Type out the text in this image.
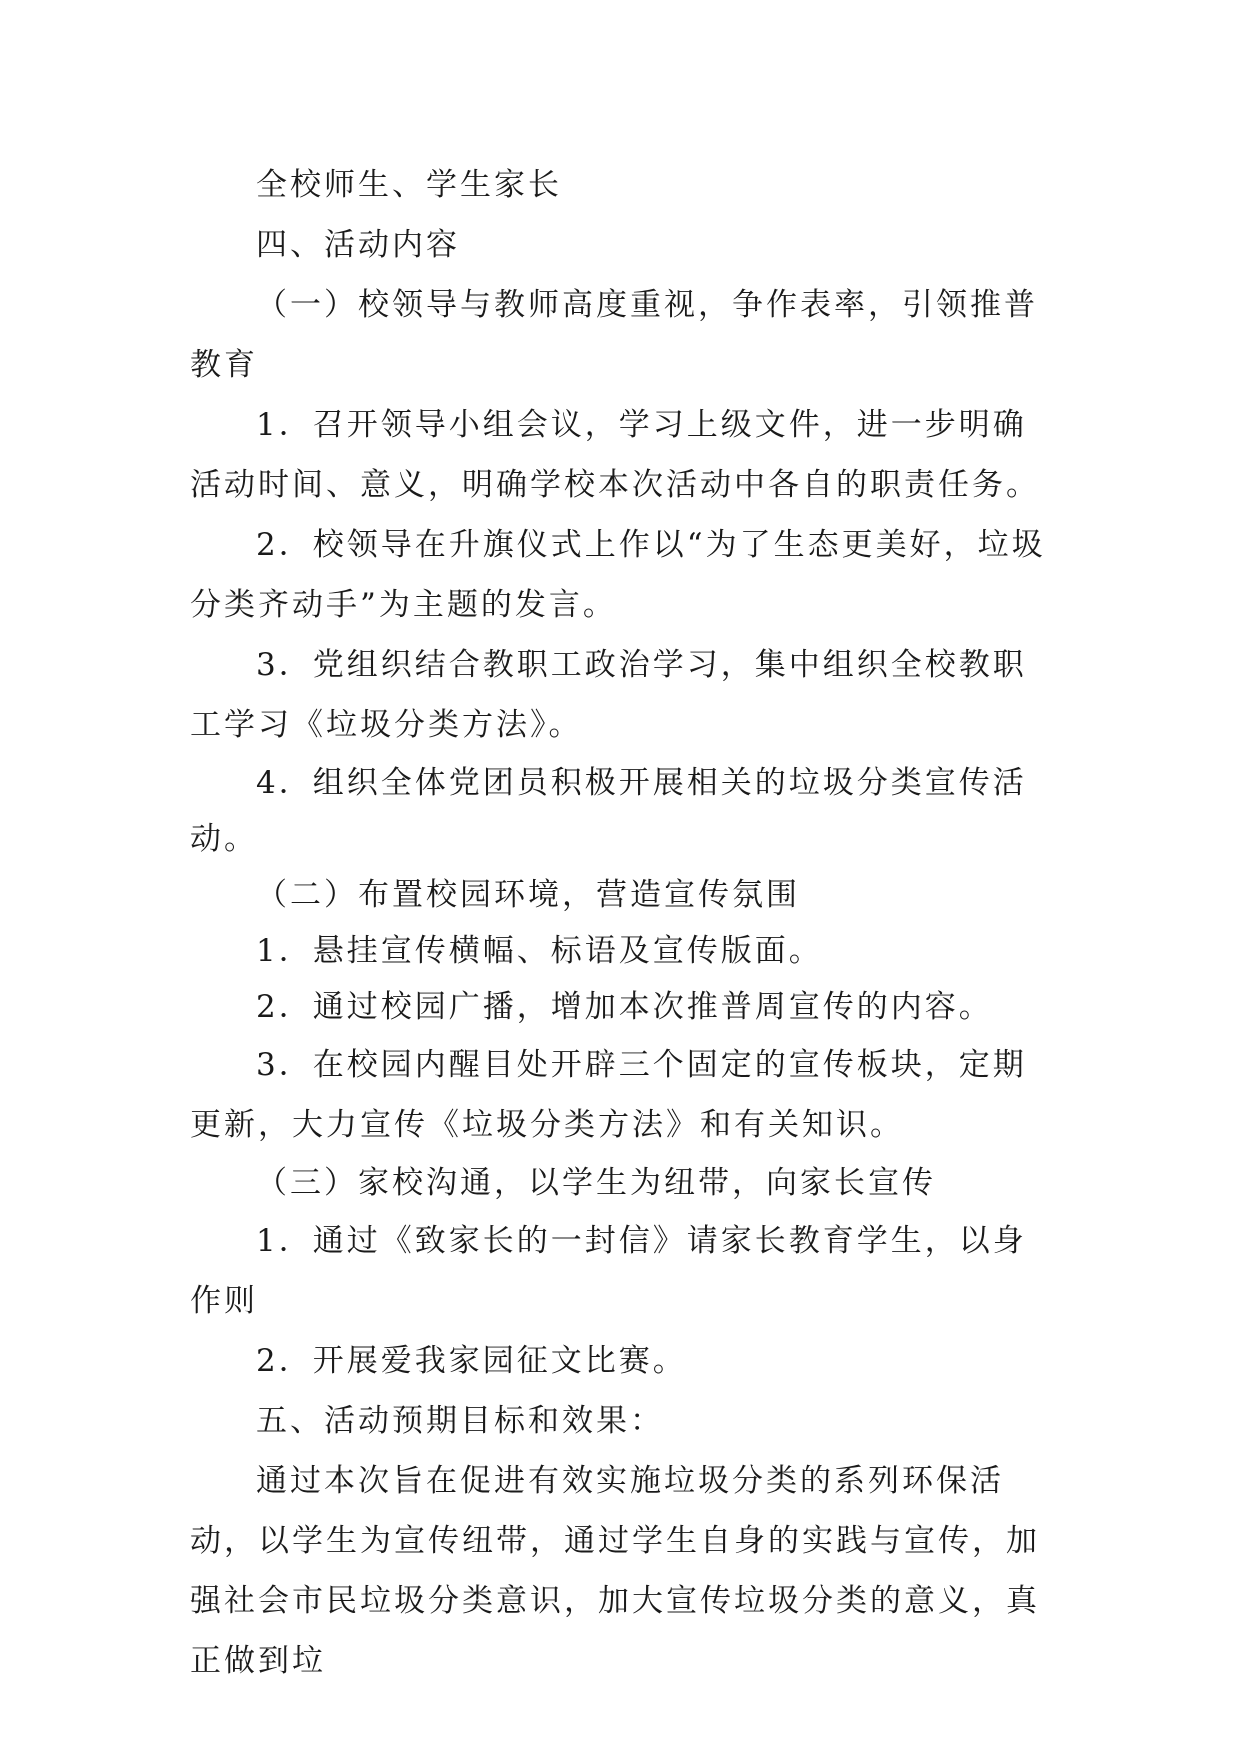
全校师生、学生家长

四、活动内容

（一）校领导与教师高度重视，争作表率，引领推普教育

1．召开领导小组会议，学习上级文件，进一步明确活动时间、意义，明确学校本次活动中各自的职责任务。

2．校领导在升旗仪式上作以“为了生态更美好，垃圾分类齐动手”为主题的发言。

3．党组织结合教职工政治学习，集中组织全校教职工学习《垃圾分类方法》。

4．组织全体党团员积极开展相关的垃圾分类宣传活动。

（二）布置校园环境，营造宣传氛围

1．悬挂宣传横幅、标语及宣传版面。

2．通过校园广播，增加本次推普周宣传的内容。

3．在校园内醒目处开辟三个固定的宣传板块，定期更新，大力宣传《垃圾分类方法》和有关知识。

（三）家校沟通，以学生为纽带，向家长宣传

1．通过《致家长的一封信》请家长教育学生，以身作则

2．开展爱我家园征文比赛。

五、活动预期目标和效果：

通过本次旨在促进有效实施垃圾分类的系列环保活动，以学生为宣传纽带，通过学生自身的实践与宣传，加强社会市民垃圾分类意识，加大宣传垃圾分类的意义，真正做到垃
